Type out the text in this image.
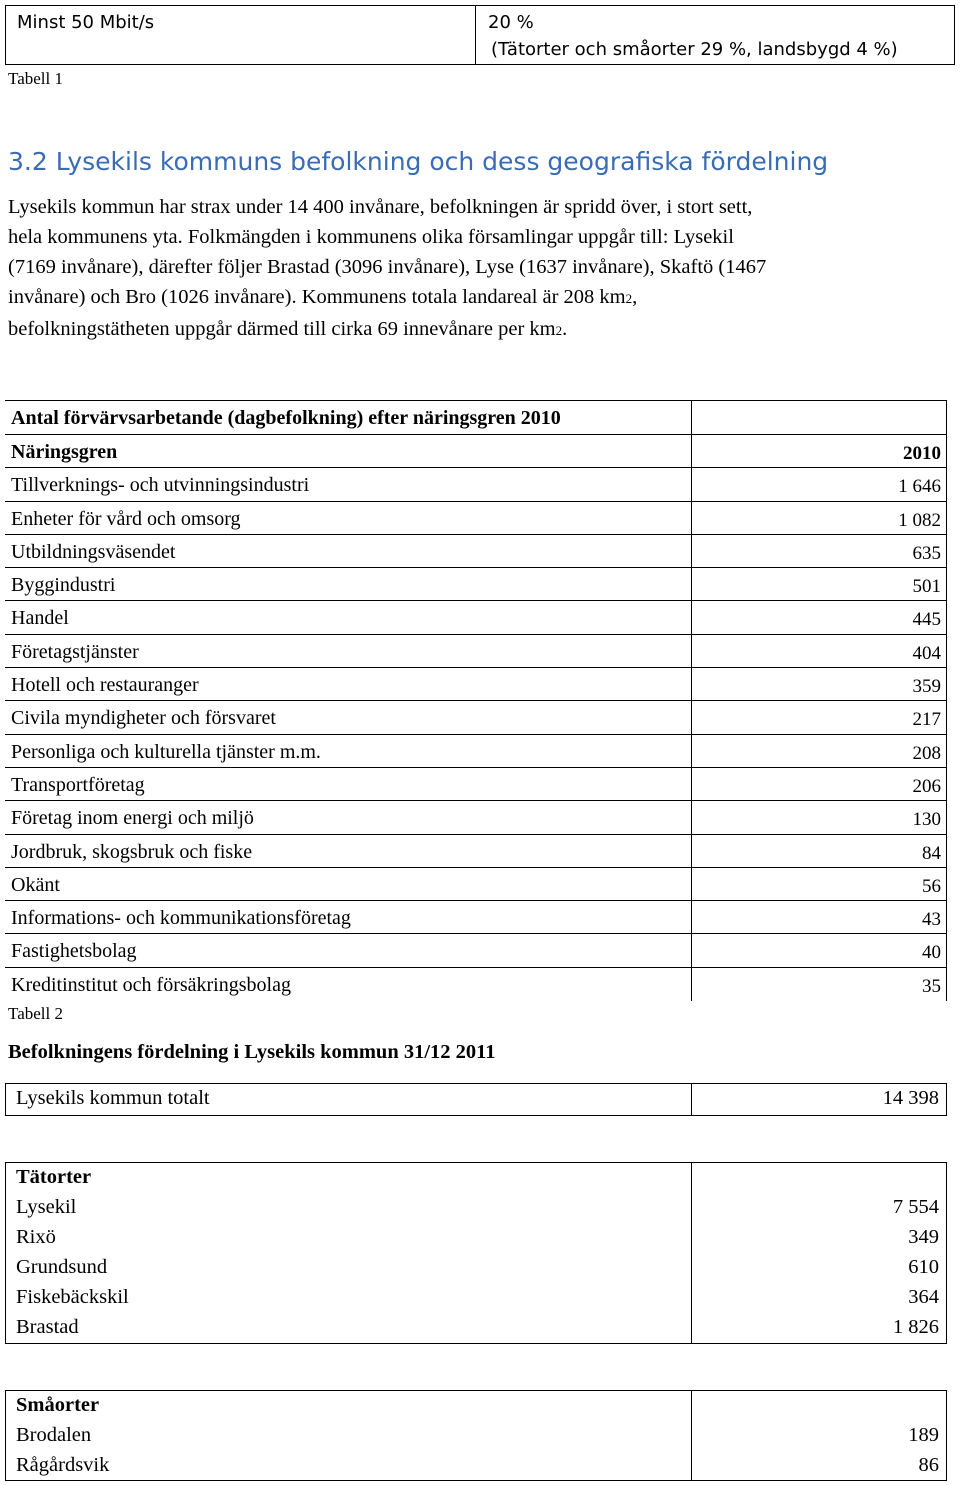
Minst 50 Mbit/s	20 %
(Tätorter och småorter 29 %, landsbygd 4 %)
Tabell 1
3.2 Lysekils kommuns befolkning och dess geografiska fördelning

Lysekils kommun har strax under 14 400 invånare, befolkningen är spridd över, i stort sett,

hela kommunens yta. Folkmängden i kommunens olika församlingar uppgår till: Lysekil

(7169 invånare), därefter följer Brastad (3096 invånare), Lyse (1637 invånare), Skaftö (1467

invånare) och Bro (1026 invånare). Kommunens totala landareal är 208 km2,

befolkningstätheten uppgår därmed till cirka 69 innevånare per km2.

Antal förvärvsarbetande (dagbefolkning) efter näringsgren 2010
Näringsgren	2010
Tillverknings- och utvinningsindustri	1 646
Enheter för vård och omsorg	1 082
Utbildningsväsendet	635
Byggindustri	501
Handel	445
Företagstjänster	404
Hotell och restauranger	359
Civila myndigheter och försvaret	217
Personliga och kulturella tjänster m.m.	208
Transportföretag	206
Företag inom energi och miljö	130
Jordbruk, skogsbruk och fiske	84
Okänt	56
Informations- och kommunikationsföretag	43
Fastighetsbolag	40
Kreditinstitut och försäkringsbolag	35
Tabell 2
Befolkningens fördelning i Lysekils kommun 31/12 2011
Lysekils kommun totalt	14 398
Tätorter
Lysekil	7 554
Rixö	349
Grundsund	610
Fiskebäckskil	364
Brastad	1 826
Småorter
Brodalen	189
Rågårdsvik	86
